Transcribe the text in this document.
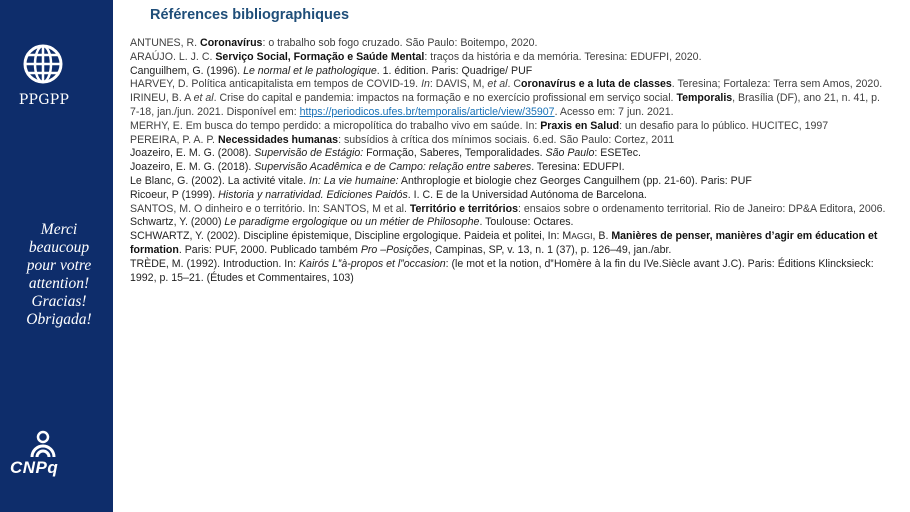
PPGPP
Merci
beaucoup
pour votre
attention!
Gracias!
Obrigada!
CNPq
Références bibliographiques

ANTUNES, R. Coronavírus: o trabalho sob fogo cruzado. São Paulo: Boitempo, 2020.

ARAÚJO. L. J. C. Serviço Social, Formação e Saúde Mental: traços da história e da memória. Teresina: EDUFPI, 2020.

Canguilhem, G. (1996). Le normal et le pathologique. 1. édition. Paris: Quadrige/ PUF

HARVEY, D. Política anticapitalista em tempos de COVID-19. In: DAVIS, M, et al. Coronavírus e a luta de classes. Teresina; Fortaleza: Terra sem Amos, 2020.

IRINEU, B. A et al. Crise do capital e pandemia: impactos na formação e no exercício profissional em serviço social. Temporalis, Brasília (DF), ano 21, n. 41, p. 7-18, jan./jun. 2021. Disponível em: https://periodicos.ufes.br/temporalis/article/view/35907. Acesso em: 7 jun. 2021.

MERHY, E. Em busca do tempo perdido: a micropolítica do trabalho vivo em saúde. In: Praxis en Salud: un desafio para lo público. HUCITEC, 1997

PEREIRA, P. A. P. Necessidades humanas: subsídios à crítica dos mínimos sociais. 6.ed. São Paulo: Cortez, 2011

Joazeiro, E. M. G. (2008). Supervisão de Estágio: Formação, Saberes, Temporalidades. São Paulo: ESETec.

Joazeiro, E. M. G. (2018). Supervisão Acadêmica e de Campo: relação entre saberes. Teresina: EDUFPI.

Le Blanc, G. (2002). La activité vitale. In: La vie humaine: Anthroplogie et biologie chez Georges Canguilhem (pp. 21-60). Paris: PUF

Ricoeur, P (1999). Historia y narratividad. Ediciones Paidós. I. C. E de la Universidad Autónoma de Barcelona.

SANTOS, M. O dinheiro e o território. In: SANTOS, M et al. Território e territórios: ensaios sobre o ordenamento territorial. Rio de Janeiro: DP&A Editora, 2006.

Schwartz, Y. (2000) Le paradigme ergologique ou un métier de Philosophe. Toulouse: Octares.

SCHWARTZ, Y. (2002). Discipline épistemique, Discipline ergologique. Paideia et politei, In: MAGGI, B. Manières de penser, manières d’agir em éducation et formation. Paris: PUF, 2000. Publicado também Pro –Posições, Campinas, SP, v. 13, n. 1 (37), p. 126–49, jan./abr.

TRÈDE, M. (1992). Introduction. In: Kairós L‟à-propos et l‟occasion: (le mot et la notion, d‟Homère à la fin du IVe.Siècle avant J.C). Paris: Éditions Klincksieck: 1992, p. 15–21. (Études et Commentaires, 103)
